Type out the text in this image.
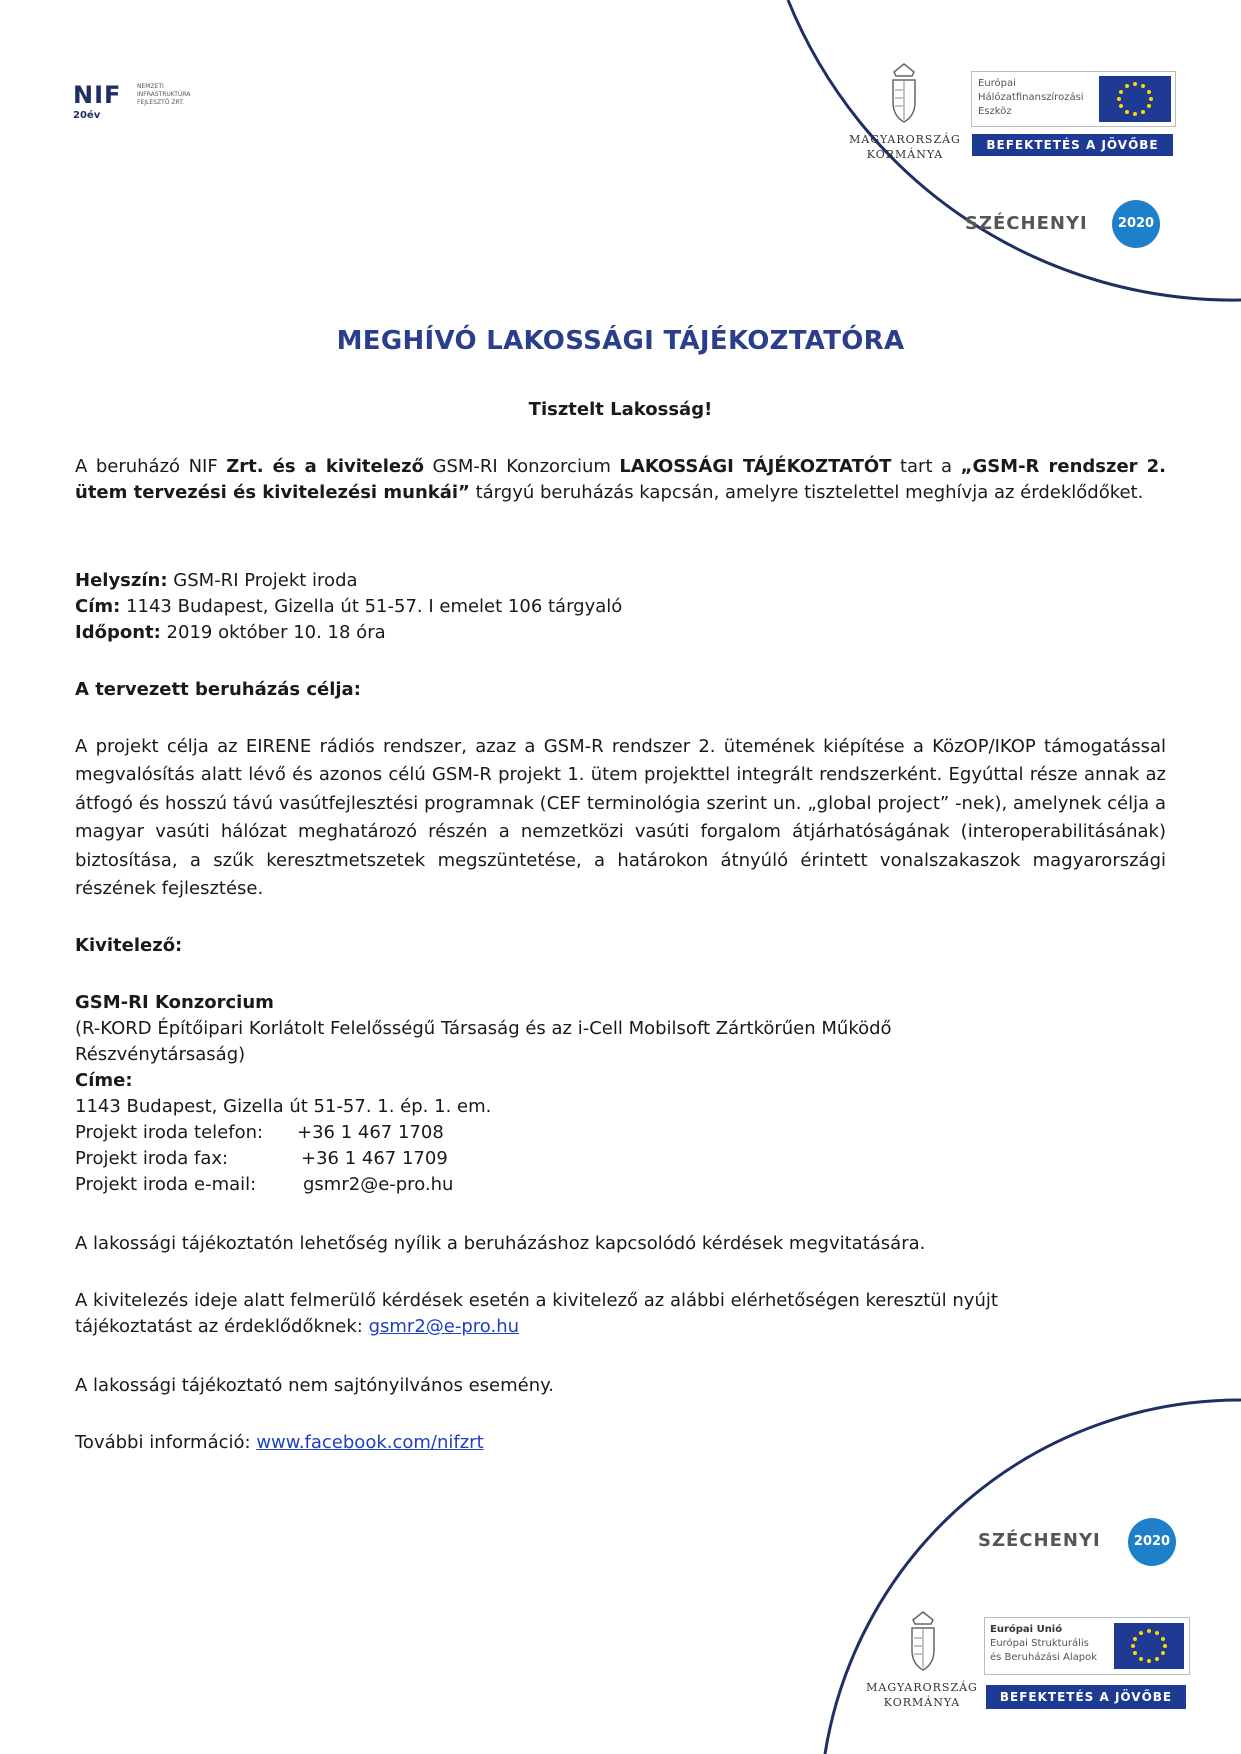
NIF
20év
NEMZETI
INFRASTRUKTÚRA
FEJLESZTŐ ZRT.
MAGYARORSZÁG
KORMÁNYA
Európai
Hálózatfinanszírozási
Eszköz
BEFEKTETÉS A JÖVŐBE
SZÉCHENYI	2020
MEGHÍVÓ LAKOSSÁGI TÁJÉKOZTATÓRA
Tisztelt Lakosság!
A beruházó NIF Zrt. és a kivitelező GSM-RI Konzorcium LAKOSSÁGI TÁJÉKOZTATÓT tart a „GSM-R rendszer 2. ütem tervezési és kivitelezési munkái” tárgyú beruházás kapcsán, amelyre tisztelettel meghívja az érdeklődőket.
Helyszín: GSM-RI Projekt iroda
Cím: 1143 Budapest, Gizella út 51-57. I emelet 106 tárgyaló
Időpont: 2019 október 10. 18 óra
A tervezett beruházás célja:
A projekt célja az EIRENE rádiós rendszer, azaz a GSM-R rendszer 2. ütemének kiépítése a KözOP/IKOP támogatással megvalósítás alatt lévő és azonos célú GSM-R projekt 1. ütem projekttel integrált rendszerként. Egyúttal része annak az átfogó és hosszú távú vasútfejlesztési programnak (CEF terminológia szerint un. „global project” -nek), amelynek célja a magyar vasúti hálózat meghatározó részén a nemzetközi vasúti forgalom átjárhatóságának (interoperabilitásának) biztosítása, a szűk keresztmetszetek megszüntetése, a határokon átnyúló érintett vonalszakaszok magyarországi részének fejlesztése.
Kivitelező:
GSM-RI Konzorcium
(R-KORD Építőipari Korlátolt Felelősségű Társaság és az i-Cell Mobilsoft Zártkörűen Működő Részvénytársaság)
Címe:
1143 Budapest, Gizella út 51-57. 1. ép. 1. em.
Projekt iroda telefon: +36 1 467 1708
Projekt iroda fax:	+36 1 467 1709
Projekt iroda e-mail:	gsmr2@e-pro.hu
A lakossági tájékoztatón lehetőség nyílik a beruházáshoz kapcsolódó kérdések megvitatására.
A kivitelezés ideje alatt felmerülő kérdések esetén a kivitelező az alábbi elérhetőségen keresztül nyújt tájékoztatást az érdeklődőknek: gsmr2@e-pro.hu
A lakossági tájékoztató nem sajtónyilvános esemény.
További információ: www.facebook.com/nifzrt
SZÉCHENYI	2020
MAGYARORSZÁG
KORMÁNYA
Európai Unió
Európai Strukturális
és Beruházási Alapok
BEFEKTETÉS A JÖVŐBE
